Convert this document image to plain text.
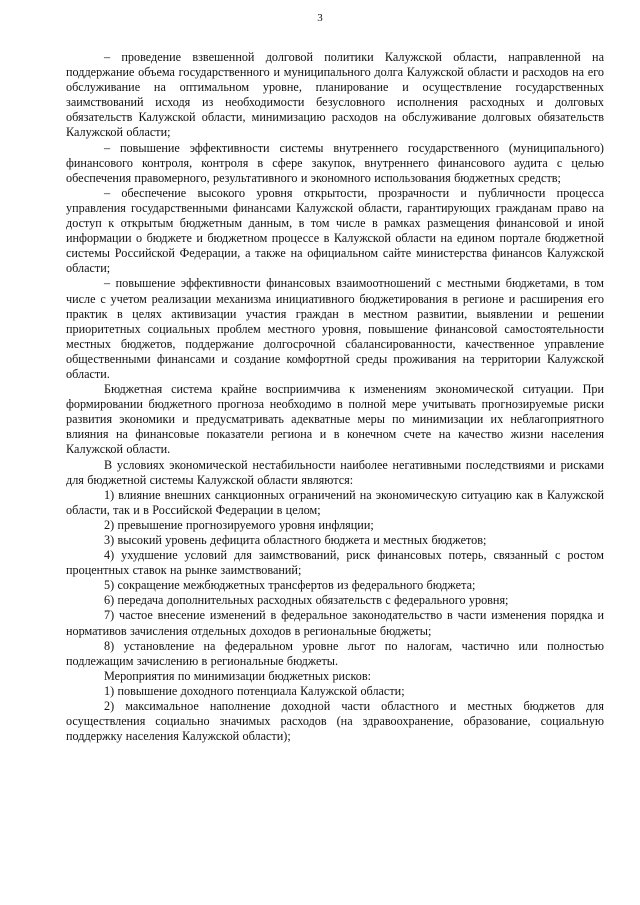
3

– проведение взвешенной долговой политики Калужской области, направленной на поддержание объема государственного и муниципального долга Калужской области и расходов на его обслуживание на оптимальном уровне, планирование и осуществление государственных заимствований исходя из необходимости безусловного исполнения расходных и долговых обязательств Калужской области, минимизацию расходов на обслуживание долговых обязательств Калужской области;

– повышение эффективности системы внутреннего государственного (муниципального) финансового контроля, контроля в сфере закупок, внутреннего финансового аудита с целью обеспечения правомерного, результативного и экономного использования бюджетных средств;

– обеспечение высокого уровня открытости, прозрачности и публичности процесса управления государственными финансами Калужской области, гарантирующих гражданам право на доступ к открытым бюджетным данным, в том числе в рамках размещения финансовой и иной информации о бюджете и бюджетном процессе в Калужской области на едином портале бюджетной системы Российской Федерации, а также на официальном сайте министерства финансов Калужской области;

– повышение эффективности финансовых взаимоотношений с местными бюджетами, в том числе с учетом реализации механизма инициативного бюджетирования в регионе и расширения его практик в целях активизации участия граждан в местном развитии, выявлении и решении приоритетных социальных проблем местного уровня, повышение финансовой самостоятельности местных бюджетов, поддержание долгосрочной сбалансированности, качественное управление общественными финансами и создание комфортной среды проживания на территории Калужской области.

Бюджетная система крайне восприимчива к изменениям экономической ситуации. При формировании бюджетного прогноза необходимо в полной мере учитывать прогнозируемые риски развития экономики и предусматривать адекватные меры по минимизации их неблагоприятного влияния на финансовые показатели региона и в конечном счете на качество жизни населения Калужской области.

В условиях экономической нестабильности наиболее негативными последствиями и рисками для бюджетной системы Калужской области являются:

1) влияние внешних санкционных ограничений на экономическую ситуацию как в Калужской области, так и в Российской Федерации в целом;

2) превышение прогнозируемого уровня инфляции;

3) высокий уровень дефицита областного бюджета и местных бюджетов;

4) ухудшение условий для заимствований, риск финансовых потерь, связанный с ростом процентных ставок на рынке заимствований;

5) сокращение межбюджетных трансфертов из федерального бюджета;

6) передача дополнительных расходных обязательств с федерального уровня;

7) частое внесение изменений в федеральное законодательство в части изменения порядка и нормативов зачисления отдельных доходов в региональные бюджеты;

8) установление на федеральном уровне льгот по налогам, частично или полностью подлежащим зачислению в региональные бюджеты.

Мероприятия по минимизации бюджетных рисков:

1) повышение доходного потенциала Калужской области;

2) максимальное наполнение доходной части областного и местных бюджетов для осуществления социально значимых расходов (на здравоохранение, образование, социальную поддержку населения Калужской области);
